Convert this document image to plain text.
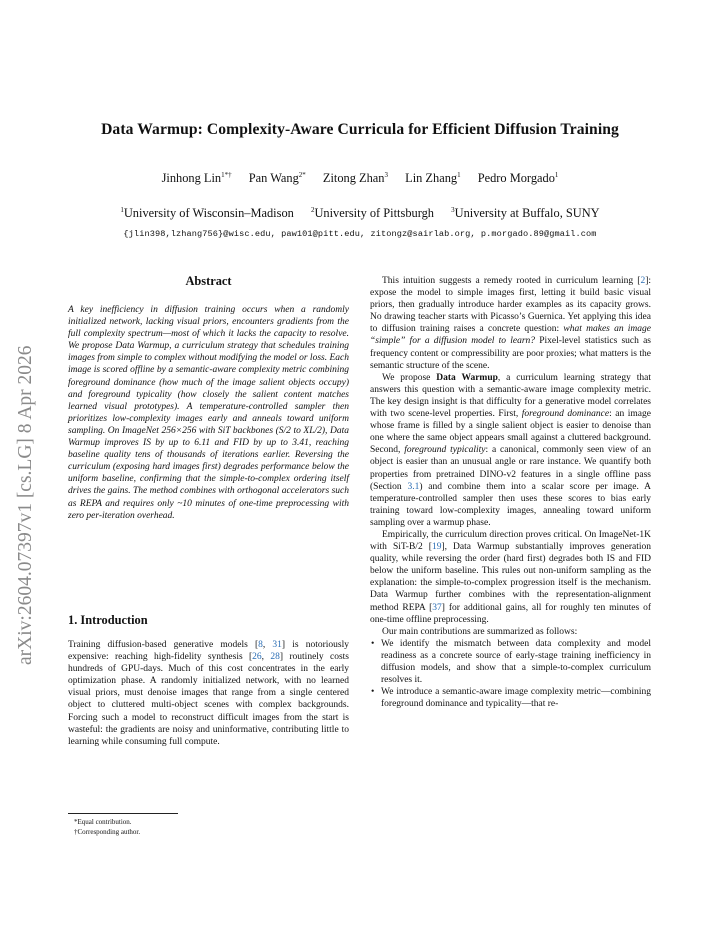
arXiv:2604.07397v1 [cs.LG] 8 Apr 2026
Data Warmup: Complexity-Aware Curricula for Efficient Diffusion Training
Jinhong Lin$^{1*\dagger}$ Pan Wang$^{2*}$ Zitong Zhan$^3$ Lin Zhang$^1$ Pedro Morgado$^1$
$^1$University of Wisconsin–Madison $^2$University of Pittsburgh $^3$University at Buffalo, SUNY
{jlin398,lzhang756}@wisc.edu, paw101@pitt.edu, zitongz@sairlab.org, p.morgado.89@gmail.com
Abstract
A key inefficiency in diffusion training occurs when a randomly initialized network, lacking visual priors, encounters gradients from the full complexity spectrum—most of which it lacks the capacity to resolve. We propose Data Warmup, a curriculum strategy that schedules training images from simple to complex without modifying the model or loss. Each image is scored offline by a semantic-aware complexity metric combining foreground dominance (how much of the image salient objects occupy) and foreground typicality (how closely the salient content matches learned visual prototypes). A temperature-controlled sampler then prioritizes low-complexity images early and anneals toward uniform sampling. On ImageNet 256×256 with SiT backbones (S/2 to XL/2), Data Warmup improves IS by up to 6.11 and FID by up to 3.41, reaching baseline quality tens of thousands of iterations earlier. Reversing the curriculum (exposing hard images first) degrades performance below the uniform baseline, confirming that the simple-to-complex ordering itself drives the gains. The method combines with orthogonal accelerators such as REPA and requires only ~10 minutes of one-time preprocessing with zero per-iteration overhead.
1. Introduction

Training diffusion-based generative models [8, 31] is notoriously expensive: reaching high-fidelity synthesis [26, 28] routinely costs hundreds of GPU-days. Much of this cost concentrates in the early optimization phase. A randomly initialized network, with no learned visual priors, must denoise images that range from a single centered object to cluttered multi-object scenes with complex backgrounds. Forcing such a model to reconstruct difficult images from the start is wasteful: the gradients are noisy and uninformative, contributing little to learning while consuming full compute.

*Equal contribution.
†Corresponding author.

This intuition suggests a remedy rooted in curriculum learning [2]: expose the model to simple images first, letting it build basic visual priors, then gradually introduce harder examples as its capacity grows. No drawing teacher starts with Picasso’s Guernica. Yet applying this idea to diffusion training raises a concrete question: what makes an image “simple” for a diffusion model to learn? Pixel-level statistics such as frequency content or compressibility are poor proxies; what matters is the semantic structure of the scene.

We propose Data Warmup, a curriculum learning strategy that answers this question with a semantic-aware image complexity metric. The key design insight is that difficulty for a generative model correlates with two scene-level properties. First, foreground dominance: an image whose frame is filled by a single salient object is easier to denoise than one where the same object appears small against a cluttered background. Second, foreground typicality: a canonical, commonly seen view of an object is easier than an unusual angle or rare instance. We quantify both properties from pretrained DINO-v2 features in a single offline pass (Section 3.1) and combine them into a scalar score per image. A temperature-controlled sampler then uses these scores to bias early training toward low-complexity images, annealing toward uniform sampling over a warmup phase.

Empirically, the curriculum direction proves critical. On ImageNet-1K with SiT-B/2 [19], Data Warmup substantially improves generation quality, while reversing the order (hard first) degrades both IS and FID below the uniform baseline. This rules out non-uniform sampling as the explanation: the simple-to-complex progression itself is the mechanism. Data Warmup further combines with the representation-alignment method REPA [37] for additional gains, all for roughly ten minutes of one-time offline preprocessing.

Our main contributions are summarized as follows:

• We identify the mismatch between data complexity and model readiness as a concrete source of early-stage training inefficiency in diffusion models, and show that a simple-to-complex curriculum resolves it.
• We introduce a semantic-aware image complexity metric—combining foreground dominance and typicality—that re-
